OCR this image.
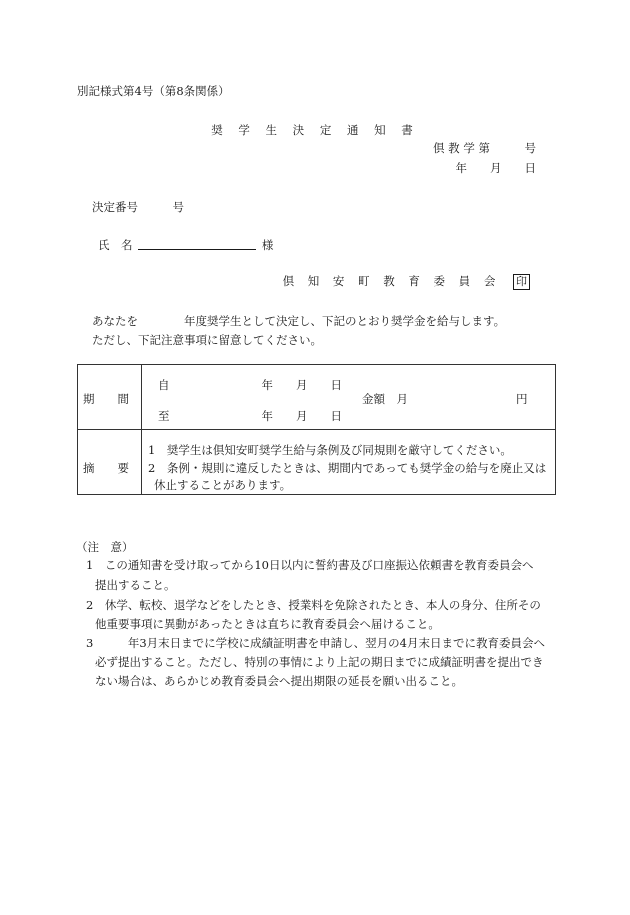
別記様式第4号（第8条関係）
奨 学 生 決 定 通 知 書
倶 教 学 第　　　号
年　　月　　日
決定番号　　　号
氏　名	様
倶 知 安 町 教 育 委 員 会 印
あなたを　　　　年度奨学生として決定し、下記のとおり奨学金を給与します。
ただし、下記注意事項に留意してください。
期　　間
自　　　　　　　　年　　月　　日
至　　　　　　　　年　　月　　日
金額　月	円
摘　　要
1　奨学生は倶知安町奨学生給与条例及び同規則を厳守してください。
2　条例・規則に違反したときは、期間内であっても奨学金の給与を廃止又は
休止することがあります。
（注　意）
1　この通知書を受け取ってから10日以内に誓約書及び口座振込依頼書を教育委員会へ
提出すること。
2　休学、転校、退学などをしたとき、授業料を免除されたとき、本人の身分、住所その
他重要事項に異動があったときは直ちに教育委員会へ届けること。
3　　　年3月末日までに学校に成績証明書を申請し、翌月の4月末日までに教育委員会へ
必ず提出すること。ただし、特別の事情により上記の期日までに成績証明書を提出でき
ない場合は、あらかじめ教育委員会へ提出期限の延長を願い出ること。
